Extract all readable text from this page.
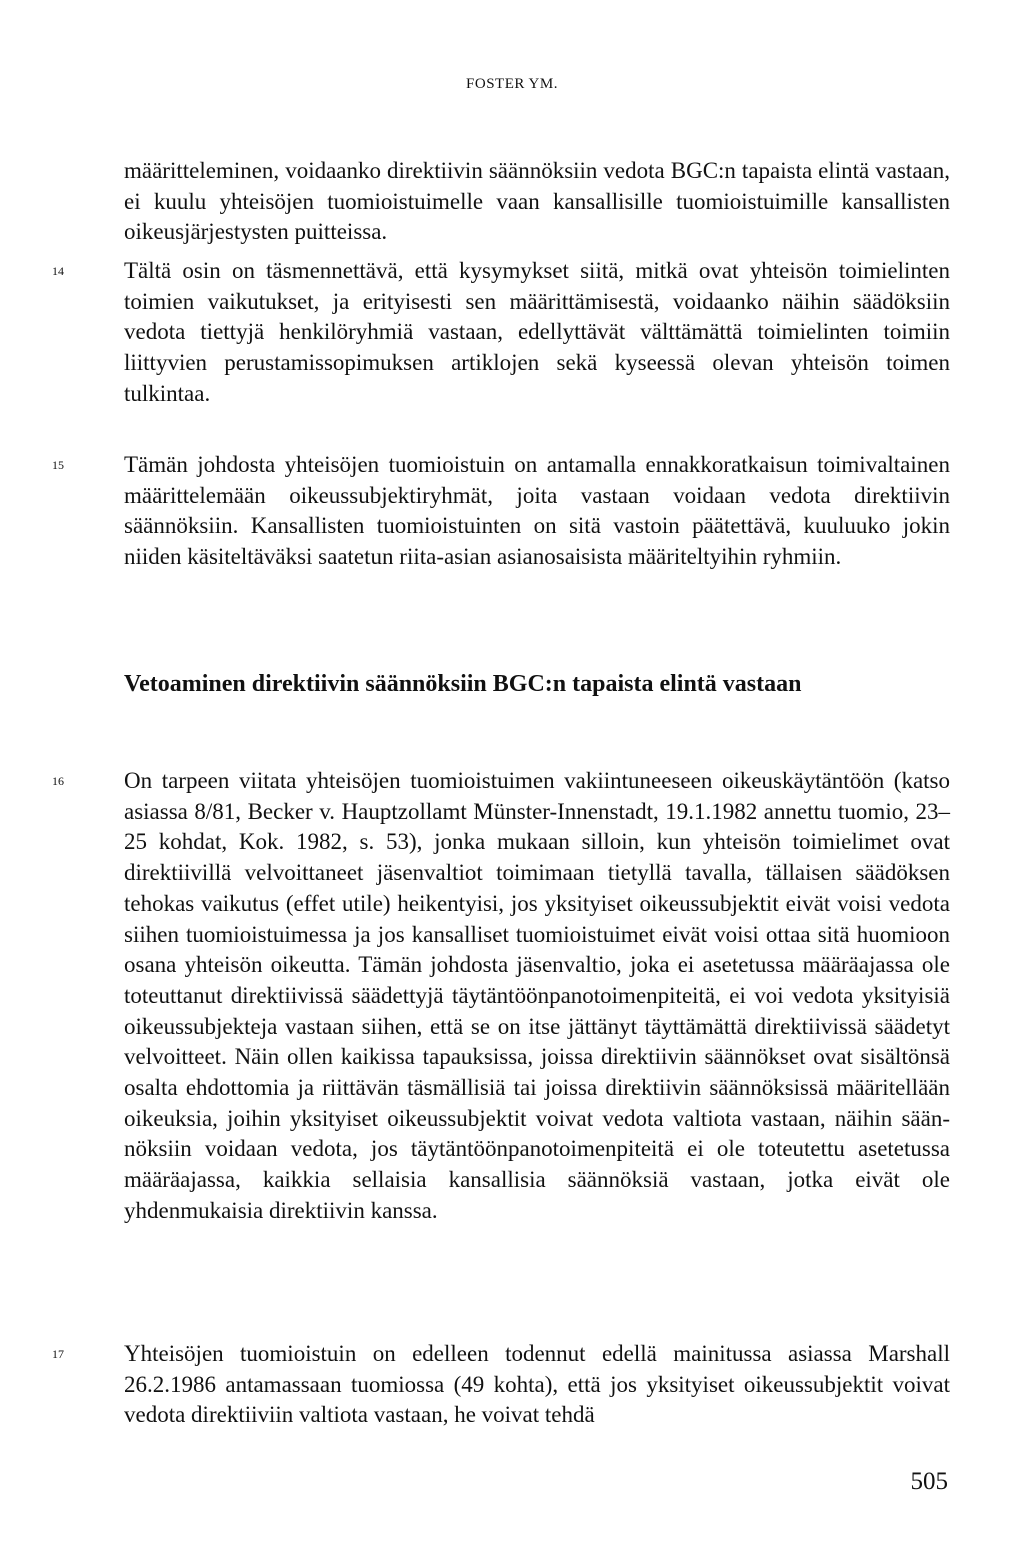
FOSTER YM.

määritteleminen, voidaanko direktiivin säännöksiin vedota BGC:n tapaista elintä vastaan, ei kuulu yhteisöjen tuomioistuimelle vaan kansallisille tuomioistuimille kansallisten oikeusjärjestysten puitteissa.

14	Tältä osin on täsmennettävä, että kysymykset siitä, mitkä ovat yhteisön toimielinten toimien vaikutukset, ja erityisesti sen määrittämisestä, voidaanko näihin säädöksiin vedota tiettyjä henkilöryhmiä vastaan, edellyttävät välttämättä toimielinten toimiin liittyvien perustamissopimuksen artiklojen sekä kyseessä olevan yhteisön toimen tulkintaa.

15	Tämän johdosta yhteisöjen tuomioistuin on antamalla ennakkoratkaisun toimivaltainen määrittelemään oikeussubjektiryhmät, joita vastaan voidaan vedota direktiivin säännöksiin. Kansallisten tuomioistuinten on sitä vastoin päätettävä, kuuluuko jokin niiden käsiteltäväksi saatetun riita-asian asianosaisista määriteltyihin ryhmiin.

Vetoaminen direktiivin säännöksiin BGC:n tapaista elintä vastaan
16	On tarpeen viitata yhteisöjen tuomioistuimen vakiintuneeseen oikeuskäytäntöön (katso asiassa 8/81, Becker v. Hauptzollamt Münster-Innenstadt, 19.1.1982 annettu tuomio, 23–25 kohdat, Kok. 1982, s. 53), jonka mukaan silloin, kun yhteisön toimielimet ovat direktiivillä velvoittaneet jäsenvaltiot toimimaan tietyllä tavalla, tällaisen säädöksen tehokas vaikutus (effet utile) heikentyisi, jos yksityiset oikeussubjektit eivät voisi vedota siihen tuomioistuimessa ja jos kansalliset tuomioistuimet eivät voisi ottaa sitä huomioon osana yhteisön oikeutta. Tämän johdosta jäsenvaltio, joka ei asetetussa määräajassa ole toteuttanut direktiivissä säädettyjä täytäntöönpanotoimenpiteitä, ei voi vedota yksityisiä oikeussubjekteja vastaan siihen, että se on itse jättänyt täyttämättä direktiivissä säädetyt velvoitteet. Näin ollen kaikissa tapauksissa, joissa direktiivin säännökset ovat sisältönsä osalta ehdottomia ja riittävän täsmällisiä tai joissa direktiivin säännöksissä määritellään oikeuksia, joihin yksityiset oikeussubjektit voivat vedota valtiota vastaan, näihin säännöksiin voidaan vedota, jos täytäntöönpanotoimenpiteitä ei ole toteutettu asetetussa määräajassa, kaikkia sellaisia kansallisia säännöksiä vastaan, jotka eivät ole yhdenmukaisia direktiivin kanssa.

17	Yhteisöjen tuomioistuin on edelleen todennut edellä mainitussa asiassa Marshall 26.2.1986 antamassaan tuomiossa (49 kohta), että jos yksityiset oikeussubjektit voivat vedota direktiiviin valtiota vastaan, he voivat tehdä

505
